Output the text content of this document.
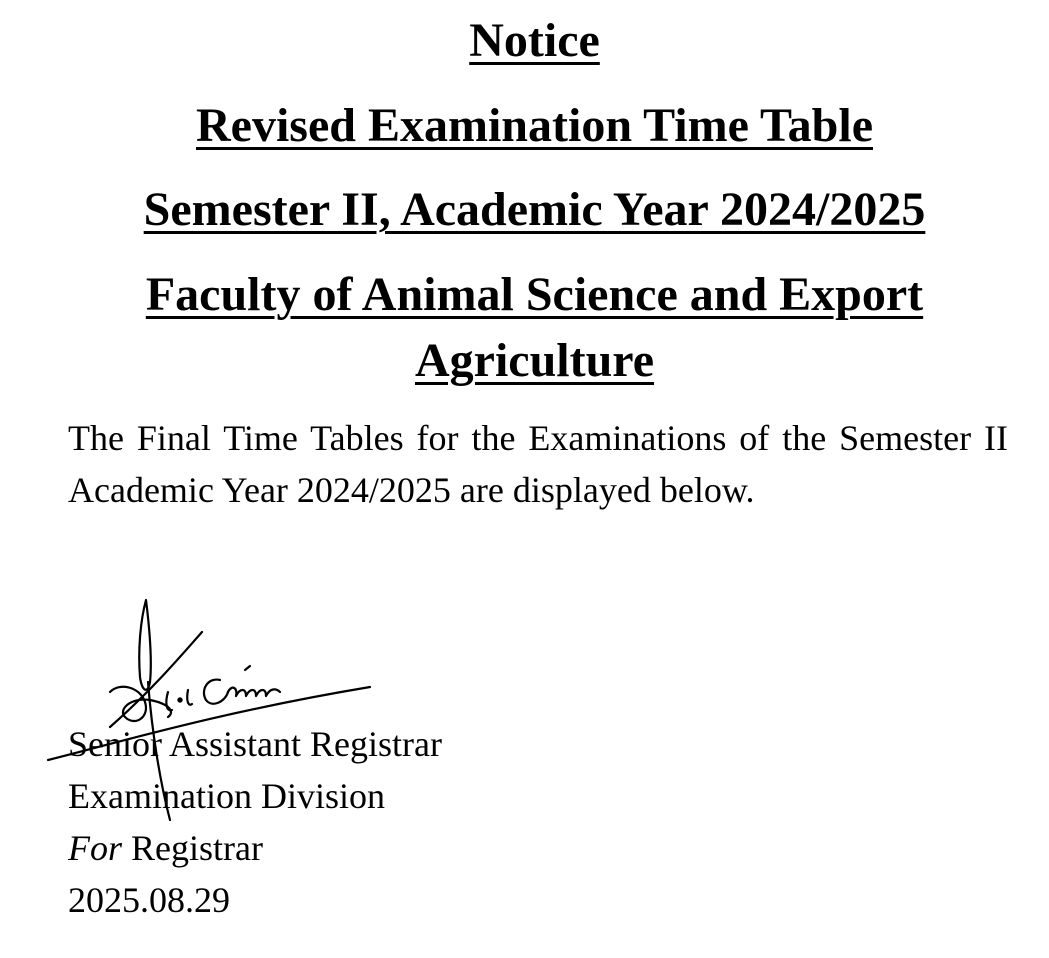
Notice
Revised Examination Time Table
Semester II, Academic Year 2024/2025
Faculty of Animal Science and Export
Agriculture

The Final Time Tables for the Examinations of the Semester II Academic Year 2024/2025 are displayed below.

Senior Assistant Registrar
Examination Division
For Registrar
2025.08.29
